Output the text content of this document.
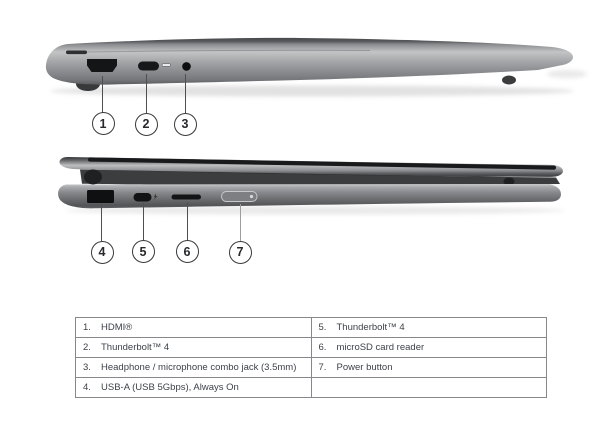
1	2	3
4	5	6	7
1. HDMI®	5. Thunderbolt™ 4
2. Thunderbolt™ 4	6. microSD card reader
3. Headphone / microphone combo jack (3.5mm)	7. Power button
4. USB-A (USB 5Gbps), Always On	
